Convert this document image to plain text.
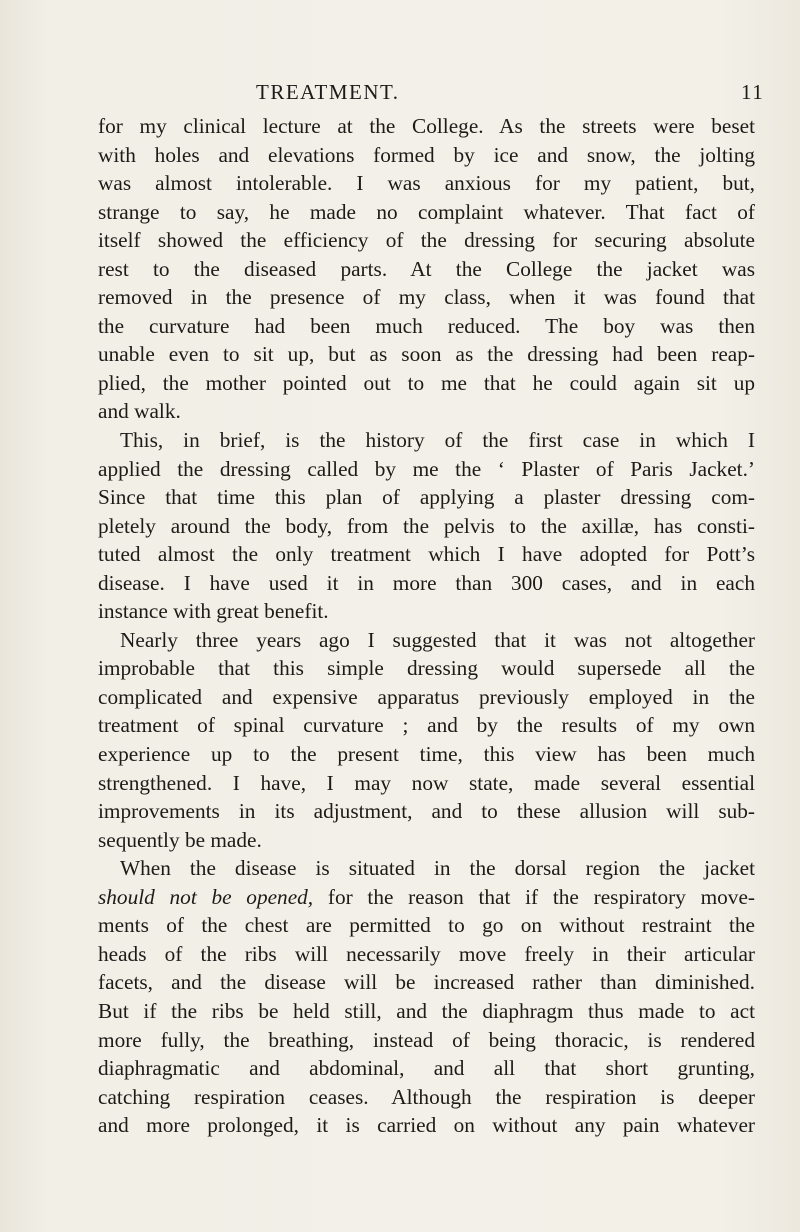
TREATMENT.	11
for my clinical lecture at the College. As the streets were beset
with holes and elevations formed by ice and snow, the jolting
was almost intolerable. I was anxious for my patient, but,
strange to say, he made no complaint whatever. That fact of
itself showed the efficiency of the dressing for securing absolute
rest to the diseased parts. At the College the jacket was
removed in the presence of my class, when it was found that
the curvature had been much reduced. The boy was then
unable even to sit up, but as soon as the dressing had been reap-
plied, the mother pointed out to me that he could again sit up
and walk.
This, in brief, is the history of the first case in which I
applied the dressing called by me the ‘ Plaster of Paris Jacket.’
Since that time this plan of applying a plaster dressing com-
pletely around the body, from the pelvis to the axillæ, has consti-
tuted almost the only treatment which I have adopted for Pott’s
disease. I have used it in more than 300 cases, and in each
instance with great benefit.
Nearly three years ago I suggested that it was not altogether
improbable that this simple dressing would supersede all the
complicated and expensive apparatus previously employed in the
treatment of spinal curvature ; and by the results of my own
experience up to the present time, this view has been much
strengthened. I have, I may now state, made several essential
improvements in its adjustment, and to these allusion will sub-
sequently be made.
When the disease is situated in the dorsal region the jacket
should not be opened, for the reason that if the respiratory move-
ments of the chest are permitted to go on without restraint the
heads of the ribs will necessarily move freely in their articular
facets, and the disease will be increased rather than diminished.
But if the ribs be held still, and the diaphragm thus made to act
more fully, the breathing, instead of being thoracic, is rendered
diaphragmatic and abdominal, and all that short grunting,
catching respiration ceases. Although the respiration is deeper
and more prolonged, it is carried on without any pain whatever
